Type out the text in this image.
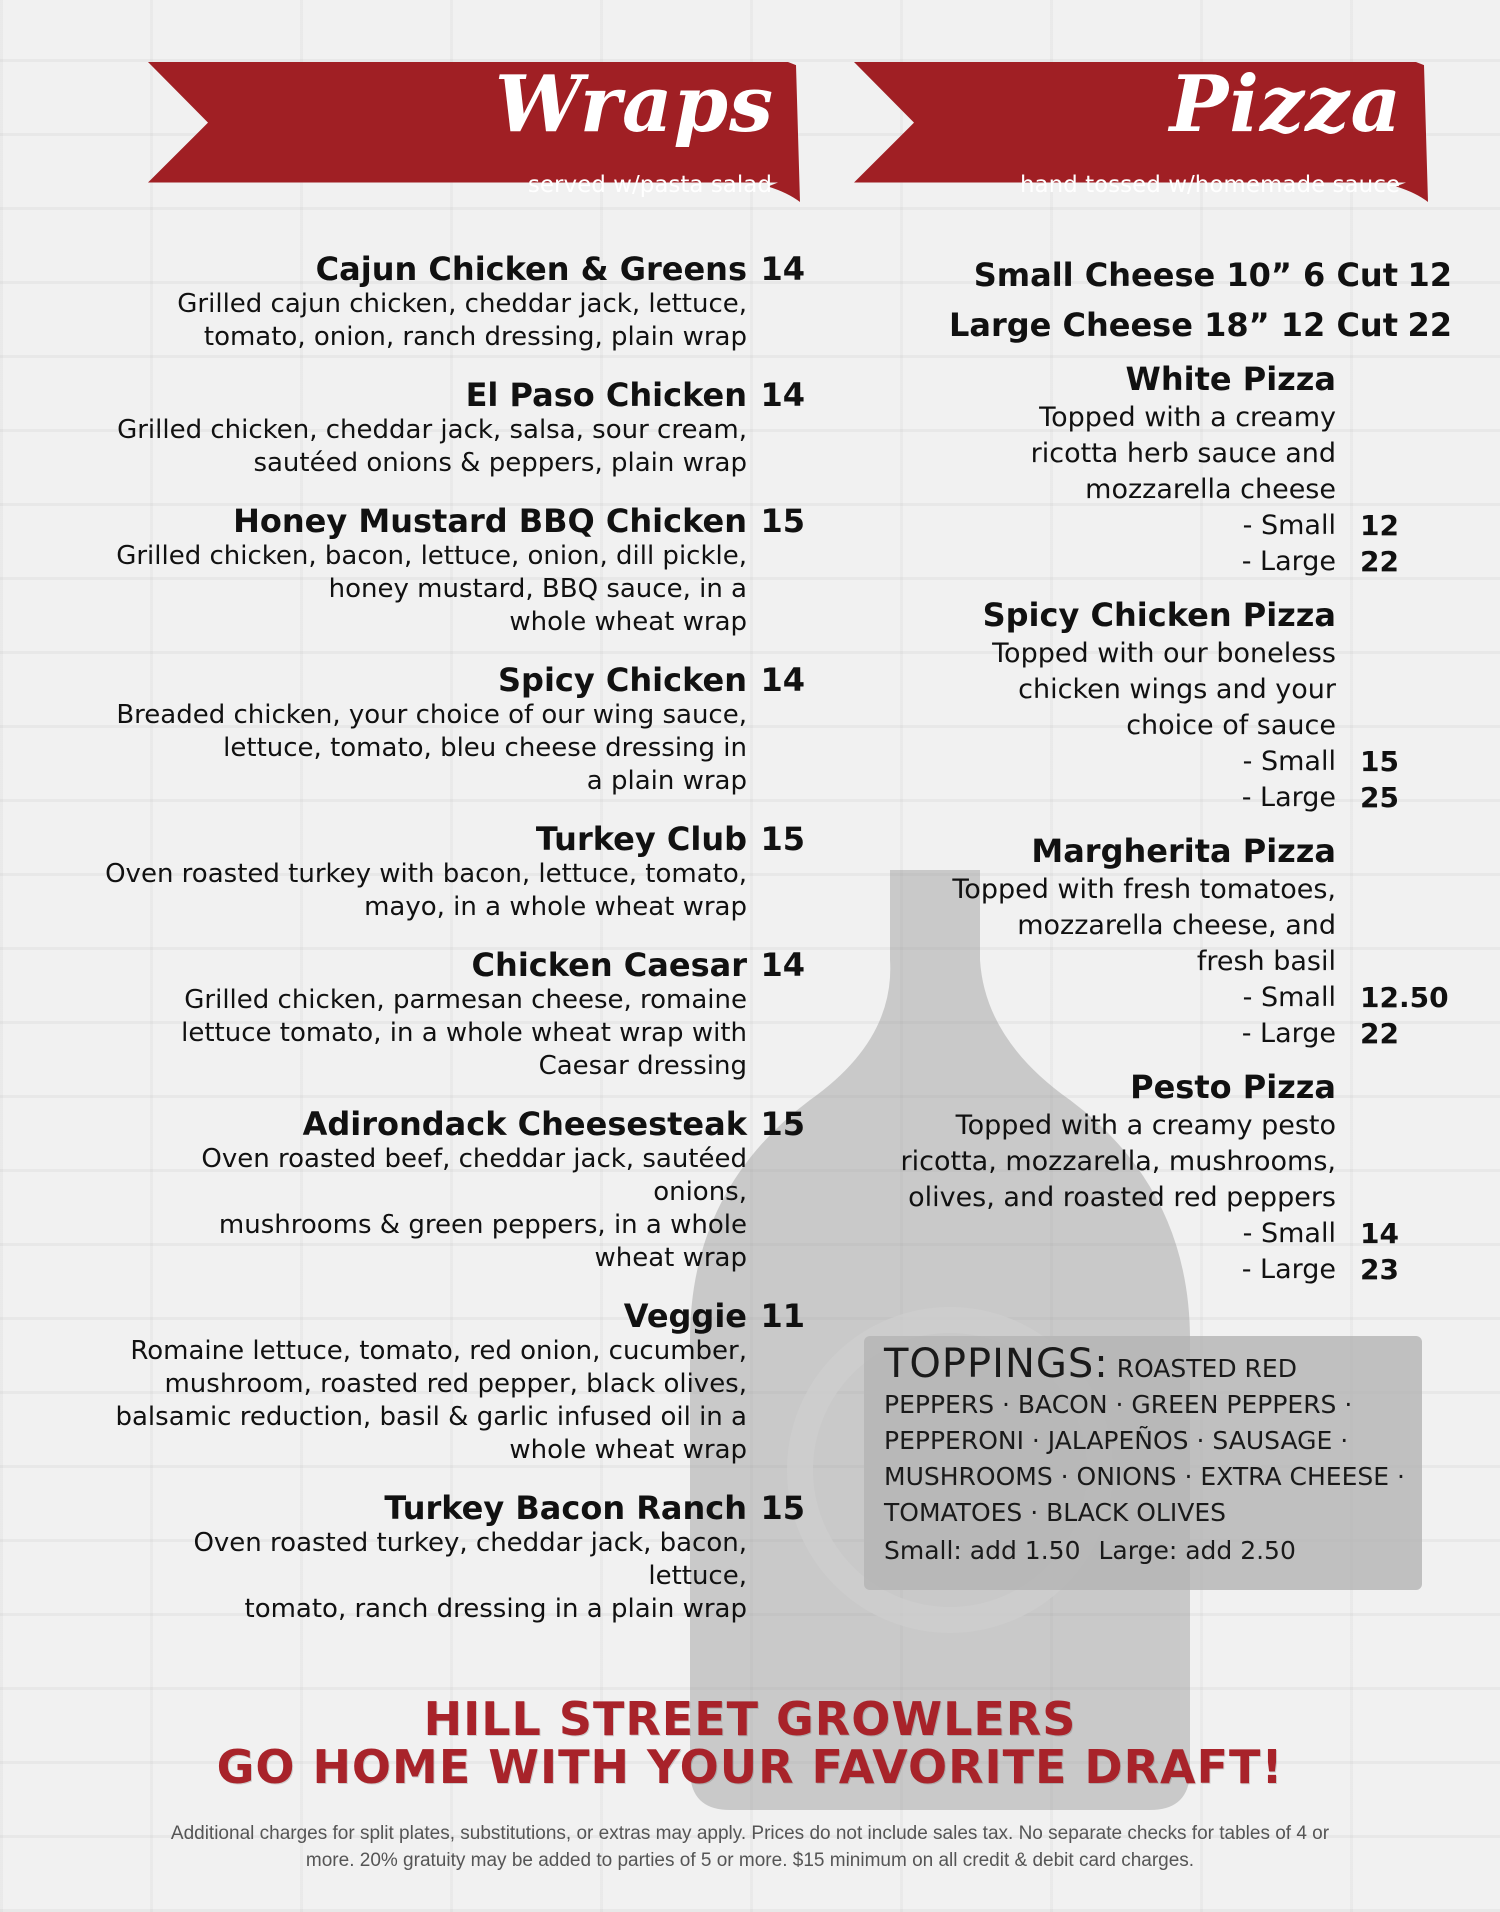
Wraps
served w/pasta salad
Pizza
hand tossed w/homemade sauce
Cajun Chicken & Greens 14
Grilled cajun chicken, cheddar jack, lettuce,
tomato, onion, ranch dressing, plain wrap
El Paso Chicken 14
Grilled chicken, cheddar jack, salsa, sour cream,
sautéed onions & peppers, plain wrap
Honey Mustard BBQ Chicken 15
Grilled chicken, bacon, lettuce, onion, dill pickle,
honey mustard, BBQ sauce, in a
whole wheat wrap
Spicy Chicken 14
Breaded chicken, your choice of our wing sauce,
lettuce, tomato, bleu cheese dressing in
a plain wrap
Turkey Club 15
Oven roasted turkey with bacon, lettuce, tomato,
mayo, in a whole wheat wrap
Chicken Caesar 14
Grilled chicken, parmesan cheese, romaine
lettuce tomato, in a whole wheat wrap with
Caesar dressing
Adirondack Cheesesteak 15
Oven roasted beef, cheddar jack, sautéed onions,
mushrooms & green peppers, in a whole
wheat wrap
Veggie 11
Romaine lettuce, tomato, red onion, cucumber,
mushroom, roasted red pepper, black olives,
balsamic reduction, basil & garlic infused oil in a
whole wheat wrap
Turkey Bacon Ranch 15
Oven roasted turkey, cheddar jack, bacon, lettuce,
tomato, ranch dressing in a plain wrap
Small Cheese 10” 6 Cut 12
Large Cheese 18” 12 Cut 22
White Pizza
Topped with a creamy
ricotta herb sauce and
mozzarella cheese
- Small 12
- Large 22
Spicy Chicken Pizza
Topped with our boneless
chicken wings and your
choice of sauce
- Small 15
- Large 25
Margherita Pizza
Topped with fresh tomatoes,
mozzarella cheese, and
fresh basil
- Small 12.50
- Large 22
Pesto Pizza
Topped with a creamy pesto
ricotta, mozzarella, mushrooms,
olives, and roasted red peppers
- Small 14
- Large 23
TOPPINGS: ROASTED RED
PEPPERS · BACON · GREEN PEPPERS ·
PEPPERONI · JALAPEÑOS · SAUSAGE ·
MUSHROOMS · ONIONS · EXTRA CHEESE ·
TOMATOES · BLACK OLIVES
Small: add 1.50 Large: add 2.50
HILL STREET GROWLERS
GO HOME WITH YOUR FAVORITE DRAFT!
Additional charges for split plates, substitutions, or extras may apply. Prices do not include sales tax. No separate checks for tables of 4 or
more. 20% gratuity may be added to parties of 5 or more. $15 minimum on all credit & debit card charges.
